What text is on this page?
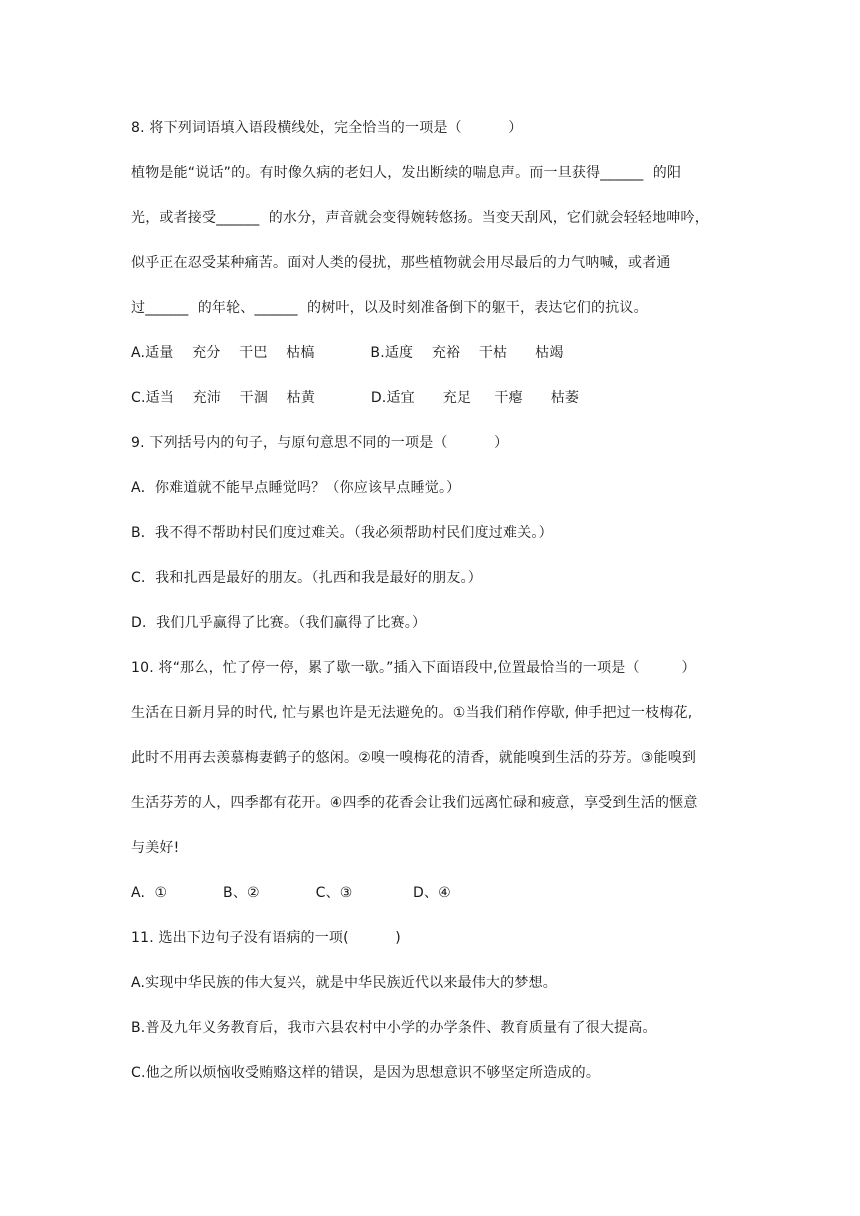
8. 将下列词语填入语段横线处，完全恰当的一项是（          ）
植物是能“说话”的。有时像久病的老妇人，发出断续的喘息声。而一旦获得______  的阳
光，或者接受______  的水分，声音就会变得婉转悠扬。当变天刮风，它们就会轻轻地呻吟，
似乎正在忍受某种痛苦。面对人类的侵扰，那些植物就会用尽最后的力气呐喊，或者通
过______  的年轮、______  的树叶，以及时刻准备倒下的躯干，表达它们的抗议。
A.适量    充分    干巴    枯槁            B.适度    充裕    干枯      枯竭
C.适当    充沛    干涸    枯黄            D.适宜      充足     干瘪      枯萎
9. 下列括号内的句子，与原句意思不同的一项是（          ）
A．你难道就不能早点睡觉吗？（你应该早点睡觉。）
B．我不得不帮助村民们度过难关。（我必须帮助村民们度过难关。）
C．我和扎西是最好的朋友。（扎西和我是最好的朋友。）
D．我们几乎赢得了比赛。（我们赢得了比赛。）
10. 将“那么，忙了停一停，累了歇一歇。”插入下面语段中,位置最恰当的一项是（         ）
生活在日新月异的时代, 忙与累也许是无法避免的。①当我们稍作停歇, 伸手把过一枝梅花,
此时不用再去羡慕梅妻鹤子的悠闲。②嗅一嗅梅花的清香，就能嗅到生活的芬芳。③能嗅到
生活芬芳的人，四季都有花开。④四季的花香会让我们远离忙碌和疲意，享受到生活的惬意
与美好!
A.  ①            B、②            C、③             D、④
11. 选出下边句子没有语病的一项(          )
A.实现中华民族的伟大复兴，就是中华民族近代以来最伟大的梦想。
B.普及九年义务教育后，我市六县农村中小学的办学条件、教育质量有了很大提高。
C.他之所以烦恼收受贿赂这样的错误，是因为思想意识不够坚定所造成的。
